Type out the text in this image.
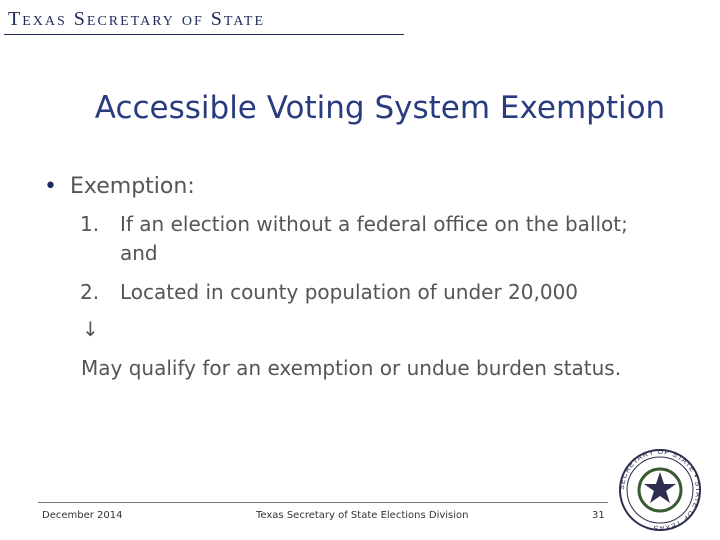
Texas Secretary of State
Accessible Voting System Exemption
• Exemption:
1. If an election without a federal office on the ballot; and
2. Located in county population of under 20,000
↓
May qualify for an exemption or undue burden status.
December 2014	Texas Secretary of State Elections Division	31
SECRETARY OF STATE • STATE OF TEXAS
